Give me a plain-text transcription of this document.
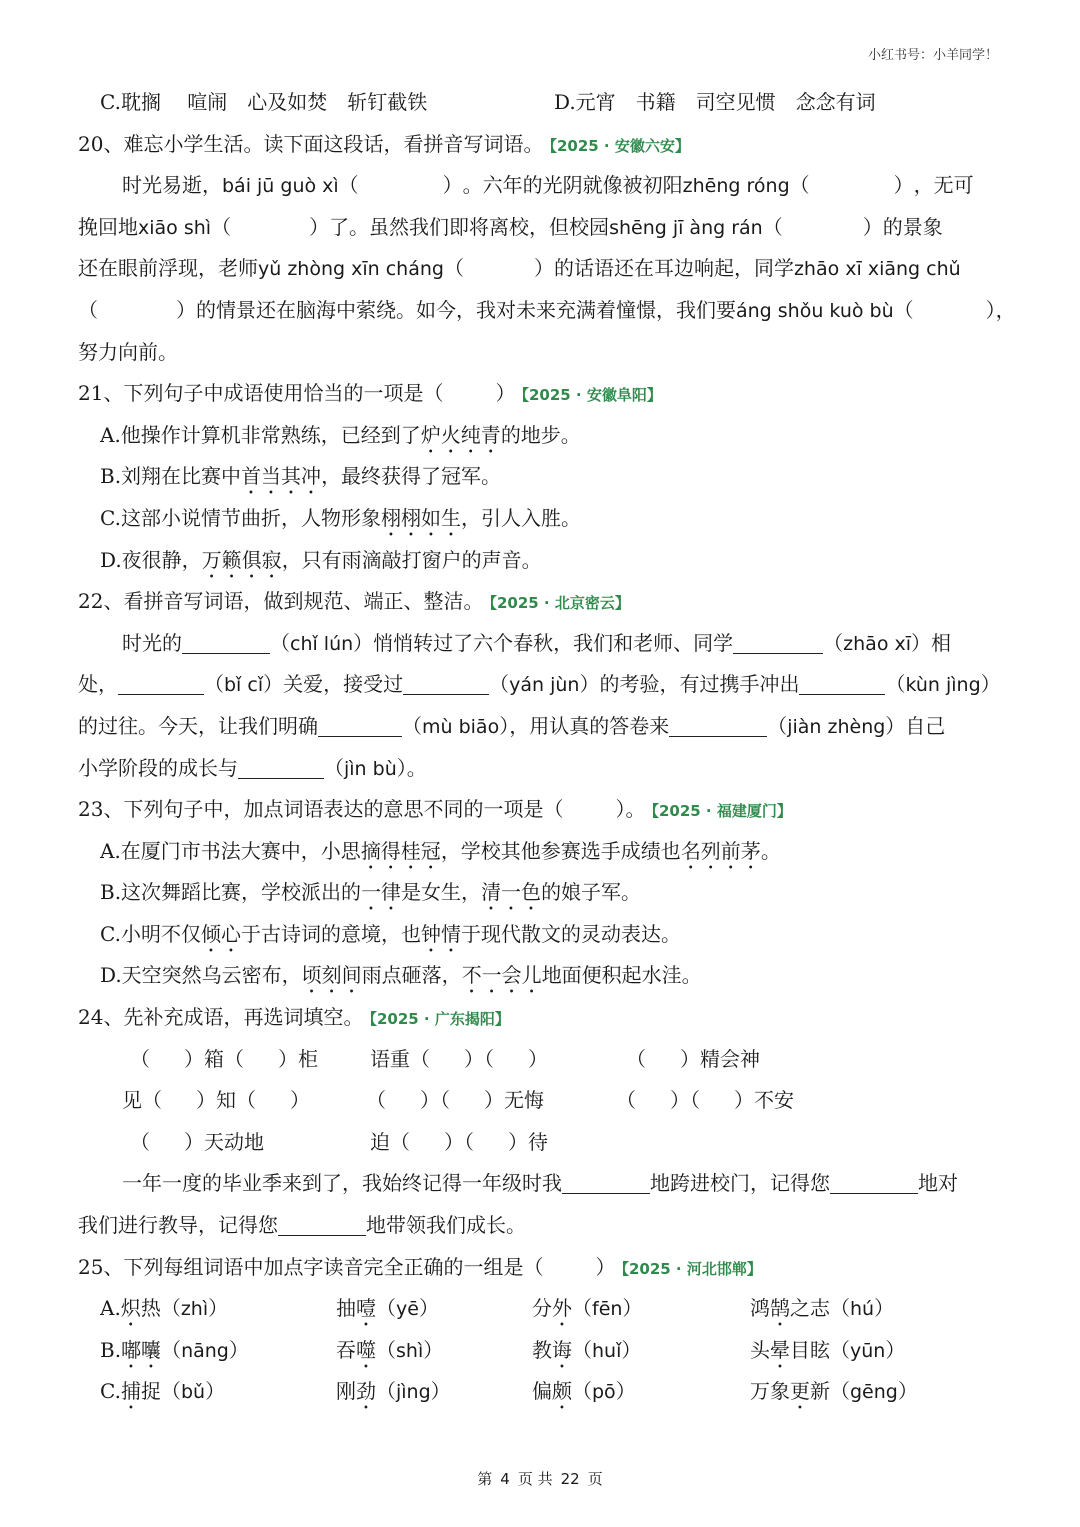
小红书号：小羊同学！
C.耽搁　 喧闹　心及如焚　斩钉截铁	D.元宵　书籍　司空见惯　念念有词
20、难忘小学生活。读下面这段话，看拼音写词语。 【2025 · 安徽六安】
时光易逝，bái jū guò xì（	）。六年的光阴就像被初阳zhēng róng（	），无可
挽回地xiāo shì（	）了。虽然我们即将离校，但校园shēng jī àng rán（	）的景象
还在眼前浮现，老师yǔ zhòng xīn cháng（	）的话语还在耳边响起，同学zhāo xī xiāng chǔ
（	）的情景还在脑海中萦绕。如今，我对未来充满着憧憬，我们要áng shǒu kuò bù（	），
努力向前。
21、下列句子中成语使用恰当的一项是（	） 【2025 · 安徽阜阳】
A.他操作计算机非常熟练，已经到了炉火纯青的地步。
B.刘翔在比赛中首当其冲，最终获得了冠军。
C.这部小说情节曲折，人物形象栩栩如生，引人入胜。
D.夜很静，万籁俱寂，只有雨滴敲打窗户的声音。
22、看拼音写词语，做到规范、端正、整洁。 【2025 · 北京密云】
时光的	（chǐ lún）悄悄转过了六个春秋，我们和老师、同学	（zhāo xī）相
处，	（bǐ cǐ）关爱，接受过	（yán jùn）的考验，有过携手冲出	（kùn jìng）
的过往。今天，让我们明确	（mù biāo），用认真的答卷来	（jiàn zhèng）自己
小学阶段的成长与	（jìn bù）。
23、下列句子中，加点词语表达的意思不同的一项是（	）。 【2025 · 福建厦门】
A.在厦门市书法大赛中，小思摘得桂冠，学校其他参赛选手成绩也名列前茅。
B.这次舞蹈比赛，学校派出的一律是女生，清一色的娘子军。
C.小明不仅倾心于古诗词的意境，也钟情于现代散文的灵动表达。
D.天空突然乌云密布，顷刻间雨点砸落，不一会儿地面便积起水洼。
24、先补充成语，再选词填空。 【2025 · 广东揭阳】
（ ）箱（ ）柜	语重（ ）（ ）	（ ）精会神
见（ ）知（ ）	（ ）（ ）无悔	（ ）（ ）不安
（ ）天动地	迫（ ）（ ）待
一年一度的毕业季来到了，我始终记得一年级时我	地跨进校门，记得您	地对
我们进行教导，记得您	地带领我们成长。
25、下列每组词语中加点字读音完全正确的一组是（	） 【2025 · 河北邯郸】
A.炽热（zhì）	抽噎（yē）	分外（fēn）	鸿鹄之志（hú）
B.嘟囔（nāng）	吞噬（shì）	教诲（huǐ）	头晕目眩（yūn）
C.捕捉（bǔ）	刚劲（jìng）	偏颇（pō）	万象更新（gēng）
第 4 页 共 22 页
